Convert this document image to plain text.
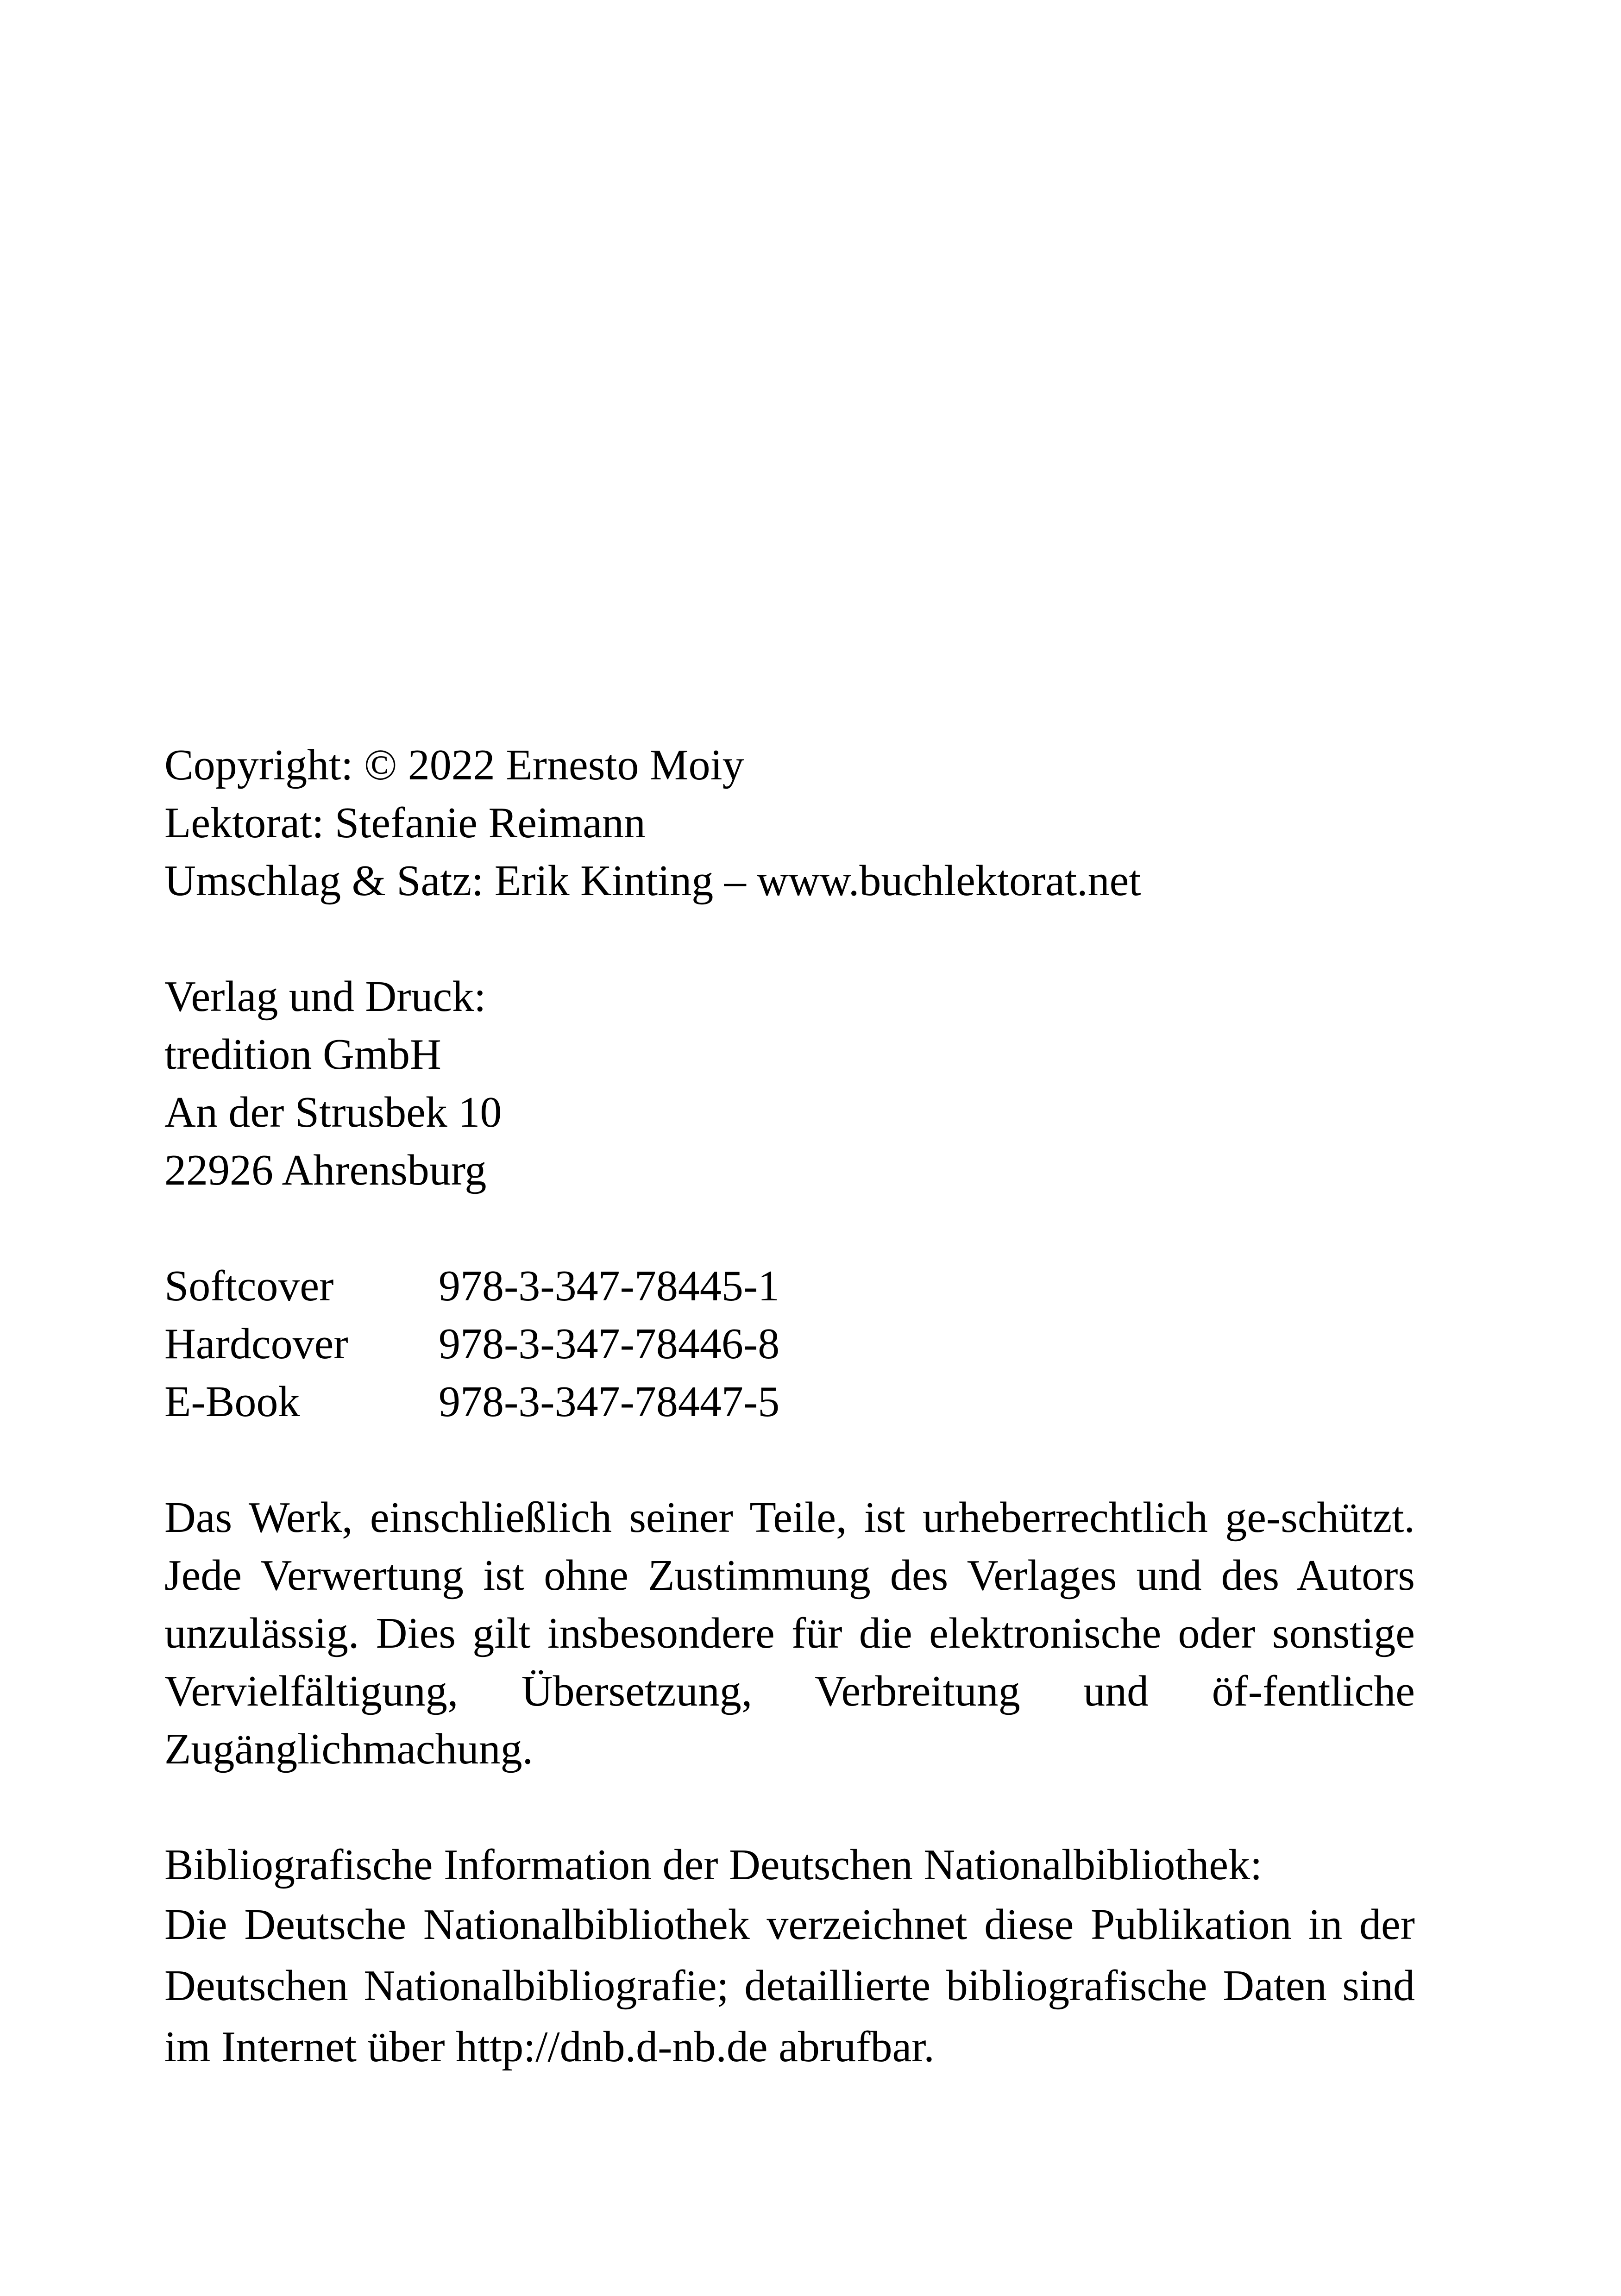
Copyright: © 2022 Ernesto Moiy
Lektorat: Stefanie Reimann
Umschlag & Satz: Erik Kinting – www.buchlektorat.net
Verlag und Druck:
tredition GmbH
An der Strusbek 10
22926 Ahrensburg
Softcover 978-3-347-78445-1
Hardcover 978-3-347-78446-8
E-Book	978-3-347-78447-5
Das Werk, einschließlich seiner Teile, ist urheberrechtlich ge-schützt. Jede Verwertung ist ohne Zustimmung des Verlages und des Autors unzulässig. Dies gilt insbesondere für die elektronische oder sonstige Vervielfältigung, Übersetzung, Verbreitung und öf-fentliche Zugänglichmachung.
Bibliografische Information der Deutschen Nationalbibliothek:
Die Deutsche Nationalbibliothek verzeichnet diese Publikation in der Deutschen Nationalbibliografie; detaillierte bibliografische Daten sind im Internet über http://dnb.d-nb.de abrufbar.
